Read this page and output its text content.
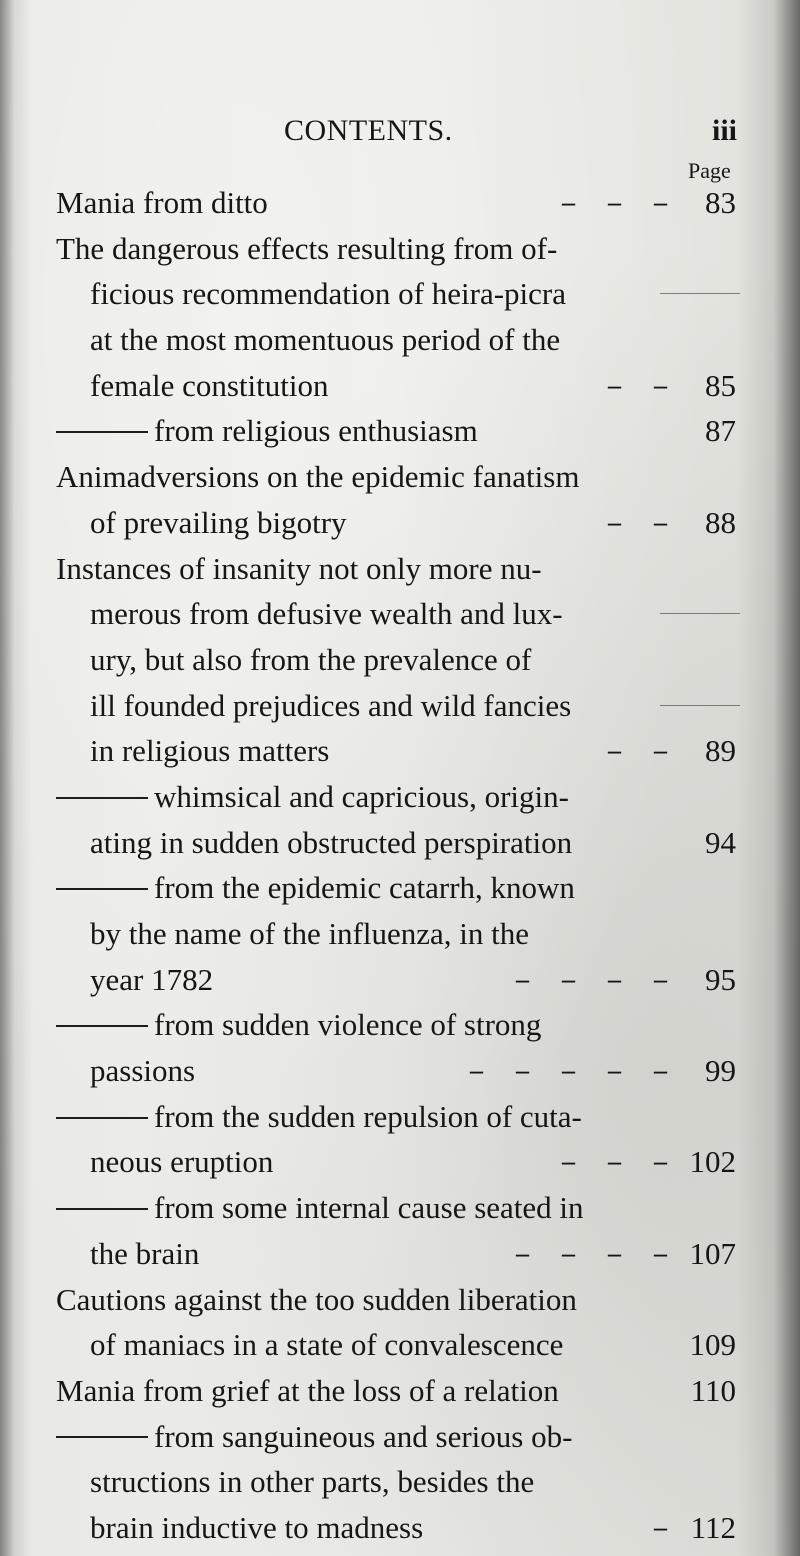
CONTENTS.	iii
Page
Mania from ditto	– – – 83
The dangerous effects resulting from of-
ficious recommendation of heira-picra
at the most momentuous period of the
female constitution	– – 85
from religious enthusiasm	87
Animadversions on the epidemic fanatism
of prevailing bigotry	– – 88
Instances of insanity not only more nu-
merous from defusive wealth and lux-
ury, but also from the prevalence of
ill founded prejudices and wild fancies
in religious matters	– – 89
whimsical and capricious, origin-
ating in sudden obstructed perspiration	94
from the epidemic catarrh, known
by the name of the influenza, in the
year 1782	– – – – 95
from sudden violence of strong
passions	– – – – – 99
from the sudden repulsion of cuta-
neous eruption	– – – 102
from some internal cause seated in
the brain	– – – – 107
Cautions against the too sudden liberation
of maniacs in a state of convalescence	109
Mania from grief at the loss of a relation	110
from sanguineous and serious ob-
structions in other parts, besides the
brain inductive to madness	– 112
